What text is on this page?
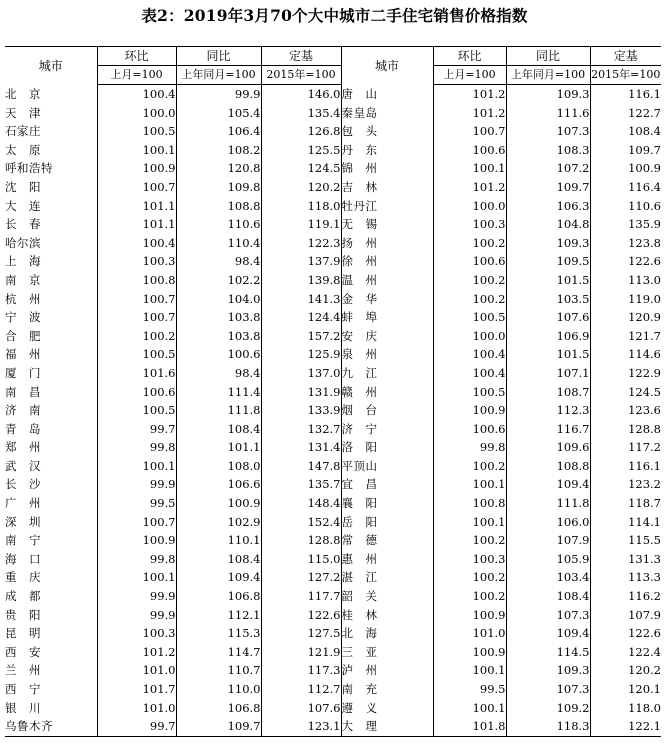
表2：2019年3月70个大中城市二手住宅销售价格指数
城市	环比	同比	定基	城市	环比	同比	定基
	上月=100	上年同月=100	2015年=100		上月=100	上年同月=100	2015年=100
北　京	100.4	99.9	146.0	唐　山	101.2	109.3	116.1
天　津	100.0	105.4	135.4	秦皇岛	101.2	111.6	122.7
石家庄	100.5	106.4	126.8	包　头	100.7	107.3	108.4
太　原	100.1	108.2	125.5	丹　东	100.6	108.3	109.7
呼和浩特	100.9	120.8	124.5	锦　州	100.1	107.2	100.9
沈　阳	100.7	109.8	120.2	吉　林	101.2	109.7	116.4
大　连	101.1	108.8	118.0	牡丹江	100.0	106.3	110.6
长　春	101.1	110.6	119.1	无　锡	100.3	104.8	135.9
哈尔滨	100.4	110.4	122.3	扬　州	100.2	109.3	123.8
上　海	100.3	98.4	137.9	徐　州	100.6	109.5	122.6
南　京	100.8	102.2	139.8	温　州	100.2	101.5	113.0
杭　州	100.7	104.0	141.3	金　华	100.2	103.5	119.0
宁　波	100.7	103.8	124.4	蚌　埠	100.5	107.6	120.9
合　肥	100.2	103.8	157.2	安　庆	100.0	106.9	121.7
福　州	100.5	100.6	125.9	泉　州	100.4	101.5	114.6
厦　门	101.6	98.4	137.0	九　江	100.4	107.1	122.9
南　昌	100.6	111.4	131.9	赣　州	100.5	108.7	124.5
济　南	100.5	111.8	133.9	烟　台	100.9	112.3	123.6
青　岛	99.7	108.4	132.7	济　宁	100.6	116.7	128.8
郑　州	99.8	101.1	131.4	洛　阳	99.8	109.6	117.2
武　汉	100.1	108.0	147.8	平顶山	100.2	108.8	116.1
长　沙	99.9	106.6	135.7	宜　昌	100.1	109.4	123.2
广　州	99.5	100.9	148.4	襄　阳	100.8	111.8	118.7
深　圳	100.7	102.9	152.4	岳　阳	100.1	106.0	114.1
南　宁	100.9	110.1	128.8	常　德	100.2	107.9	115.5
海　口	99.8	108.4	115.0	惠　州	100.3	105.9	131.3
重　庆	100.1	109.4	127.2	湛　江	100.2	103.4	113.3
成　都	99.9	106.8	117.7	韶　关	100.2	108.4	116.2
贵　阳	99.9	112.1	122.6	桂　林	100.9	107.3	107.9
昆　明	100.3	115.3	127.5	北　海	101.0	109.4	122.6
西　安	101.2	114.7	121.9	三　亚	100.9	114.5	122.4
兰　州	101.0	110.7	117.3	泸　州	100.1	109.3	120.2
西　宁	101.7	110.0	112.7	南　充	99.5	107.3	120.1
银　川	101.0	106.8	107.6	遵　义	100.1	109.2	118.0
乌鲁木齐	99.7	109.7	123.1	大　理	101.8	118.3	122.1
